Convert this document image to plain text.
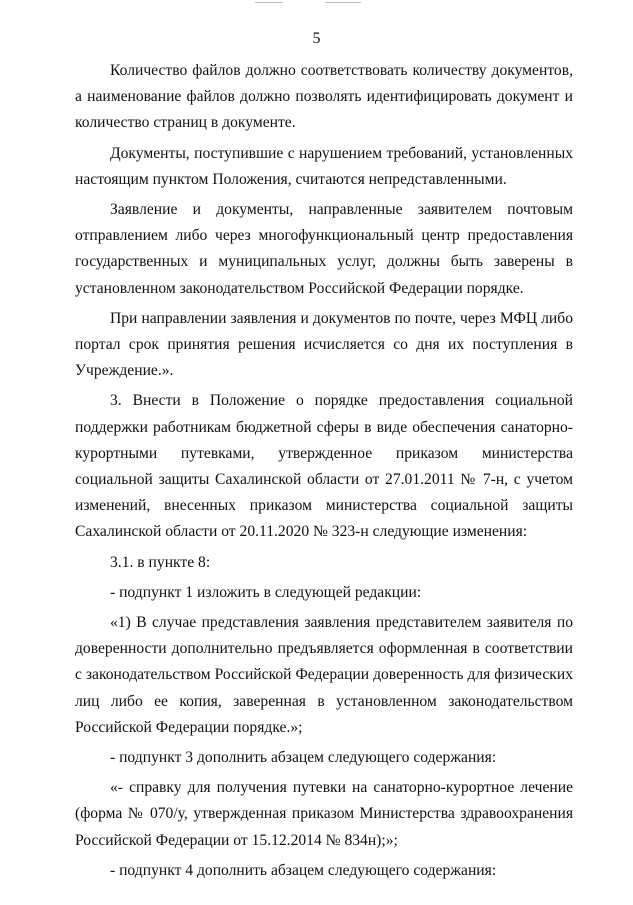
5

Количество файлов должно соответствовать количеству документов, а наименование файлов должно позволять идентифицировать документ и количество страниц в документе.

Документы, поступившие с нарушением требований, установленных настоящим пунктом Положения, считаются непредставленными.

Заявление и документы, направленные заявителем почтовым отправлением либо через многофункциональный центр предоставления государственных и муниципальных услуг, должны быть заверены в установленном законодательством Российской Федерации порядке.

При направлении заявления и документов по почте, через МФЦ либо портал срок принятия решения исчисляется со дня их поступления в Учреждение.».

3. Внести в Положение о порядке предоставления социальной поддержки работникам бюджетной сферы в виде обеспечения санаторно-курортными путевками, утвержденное приказом министерства социальной защиты Сахалинской области от 27.01.2011 № 7-н, с учетом изменений, внесенных приказом министерства социальной защиты Сахалинской области от 20.11.2020 № 323-н следующие изменения:

3.1. в пункте 8:

- подпункт 1 изложить в следующей редакции:

«1) В случае представления заявления представителем заявителя по доверенности дополнительно предъявляется оформленная в соответствии с законодательством Российской Федерации доверенность для физических лиц либо ее копия, заверенная в установленном законодательством Российской Федерации порядке.»;

- подпункт 3 дополнить абзацем следующего содержания:

«- справку для получения путевки на санаторно-курортное лечение (форма № 070/у, утвержденная приказом Министерства здравоохранения Российской Федерации от 15.12.2014 № 834н);»;

- подпункт 4 дополнить абзацем следующего содержания:
